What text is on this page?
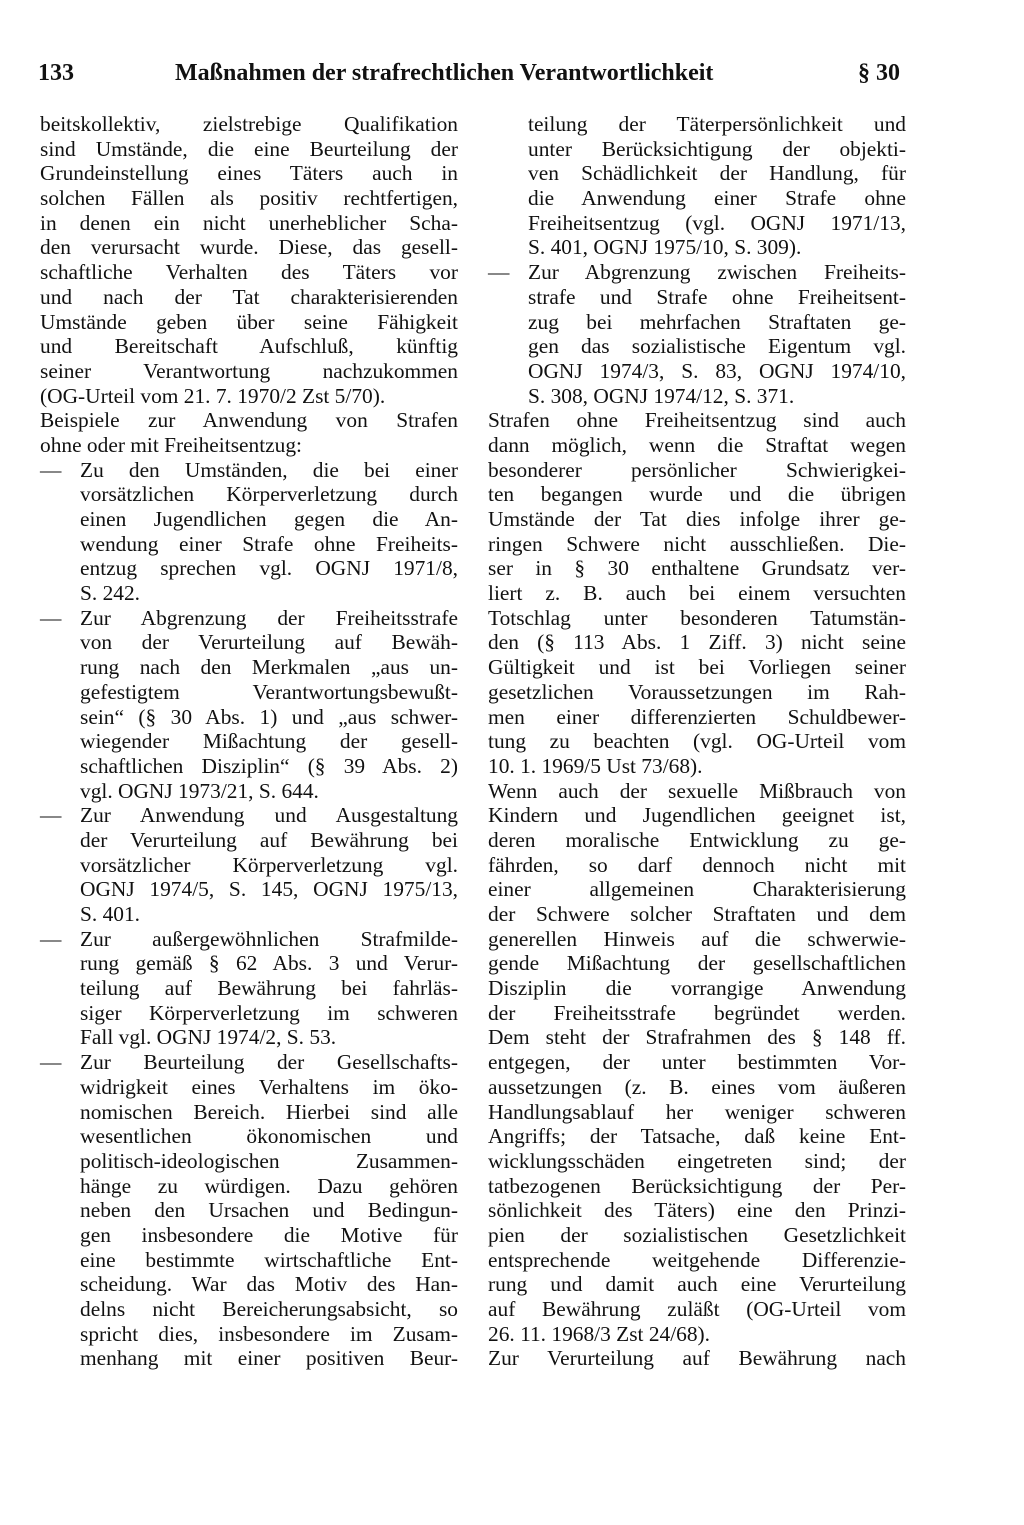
133	Maßnahmen der strafrechtlichen Verantwortlichkeit	§ 30
beitskollektiv, zielstrebige Qualifikation
sind Umstände, die eine Beurteilung der
Grundeinstellung eines Täters auch in
solchen Fällen als positiv rechtfertigen,
in denen ein nicht unerheblicher Scha-
den verursacht wurde. Diese, das gesell-
schaftliche Verhalten des Täters vor
und nach der Tat charakterisierenden
Umstände geben über seine Fähigkeit
und Bereitschaft Aufschluß, künftig
seiner Verantwortung nachzukommen
(OG-Urteil vom 21. 7. 1970/2 Zst 5/70).
Beispiele zur Anwendung von Strafen
ohne oder mit Freiheitsentzug:
— Zu den Umständen, die bei einer
vorsätzlichen Körperverletzung durch
einen Jugendlichen gegen die An-
wendung einer Strafe ohne Freiheits-
entzug sprechen vgl. OGNJ 1971/8,
S. 242.
— Zur Abgrenzung der Freiheitsstrafe
von der Verurteilung auf Bewäh-
rung nach den Merkmalen „aus un-
gefestigtem Verantwortungsbewußt-
sein“ (§ 30 Abs. 1) und „aus schwer-
wiegender Mißachtung der gesell-
schaftlichen Disziplin“ (§ 39 Abs. 2)
vgl. OGNJ 1973/21, S. 644.
— Zur Anwendung und Ausgestaltung
der Verurteilung auf Bewährung bei
vorsätzlicher Körperverletzung vgl.
OGNJ 1974/5, S. 145, OGNJ 1975/13,
S. 401.
— Zur außergewöhnlichen Strafmilde-
rung gemäß § 62 Abs. 3 und Verur-
teilung auf Bewährung bei fahrläs-
siger Körperverletzung im schweren
Fall vgl. OGNJ 1974/2, S. 53.
— Zur Beurteilung der Gesellschafts-
widrigkeit eines Verhaltens im öko-
nomischen Bereich. Hierbei sind alle
wesentlichen ökonomischen und
politisch-ideologischen Zusammen-
hänge zu würdigen. Dazu gehören
neben den Ursachen und Bedingun-
gen insbesondere die Motive für
eine bestimmte wirtschaftliche Ent-
scheidung. War das Motiv des Han-
delns nicht Bereicherungsabsicht, so
spricht dies, insbesondere im Zusam-
menhang mit einer positiven Beur-
teilung der Täterpersönlichkeit und
unter Berücksichtigung der objekti-
ven Schädlichkeit der Handlung, für
die Anwendung einer Strafe ohne
Freiheitsentzug (vgl. OGNJ 1971/13,
S. 401, OGNJ 1975/10, S. 309).
— Zur Abgrenzung zwischen Freiheits-
strafe und Strafe ohne Freiheitsent-
zug bei mehrfachen Straftaten ge-
gen das sozialistische Eigentum vgl.
OGNJ 1974/3, S. 83, OGNJ 1974/10,
S. 308, OGNJ 1974/12, S. 371.
Strafen ohne Freiheitsentzug sind auch
dann möglich, wenn die Straftat wegen
besonderer persönlicher Schwierigkei-
ten begangen wurde und die übrigen
Umstände der Tat dies infolge ihrer ge-
ringen Schwere nicht ausschließen. Die-
ser in § 30 enthaltene Grundsatz ver-
liert z. B. auch bei einem versuchten
Totschlag unter besonderen Tatumstän-
den (§ 113 Abs. 1 Ziff. 3) nicht seine
Gültigkeit und ist bei Vorliegen seiner
gesetzlichen Voraussetzungen im Rah-
men einer differenzierten Schuldbewer-
tung zu beachten (vgl. OG-Urteil vom
10. 1. 1969/5 Ust 73/68).
Wenn auch der sexuelle Mißbrauch von
Kindern und Jugendlichen geeignet ist,
deren moralische Entwicklung zu ge-
fährden, so darf dennoch nicht mit
einer allgemeinen Charakterisierung
der Schwere solcher Straftaten und dem
generellen Hinweis auf die schwerwie-
gende Mißachtung der gesellschaftlichen
Disziplin die vorrangige Anwendung
der Freiheitsstrafe begründet werden.
Dem steht der Strafrahmen des § 148 ff.
entgegen, der unter bestimmten Vor-
aussetzungen (z. B. eines vom äußeren
Handlungsablauf her weniger schweren
Angriffs; der Tatsache, daß keine Ent-
wicklungsschäden eingetreten sind; der
tatbezogenen Berücksichtigung der Per-
sönlichkeit des Täters) eine den Prinzi-
pien der sozialistischen Gesetzlichkeit
entsprechende weitgehende Differenzie-
rung und damit auch eine Verurteilung
auf Bewährung zuläßt (OG-Urteil vom
26. 11. 1968/3 Zst 24/68).
Zur Verurteilung auf Bewährung nach
